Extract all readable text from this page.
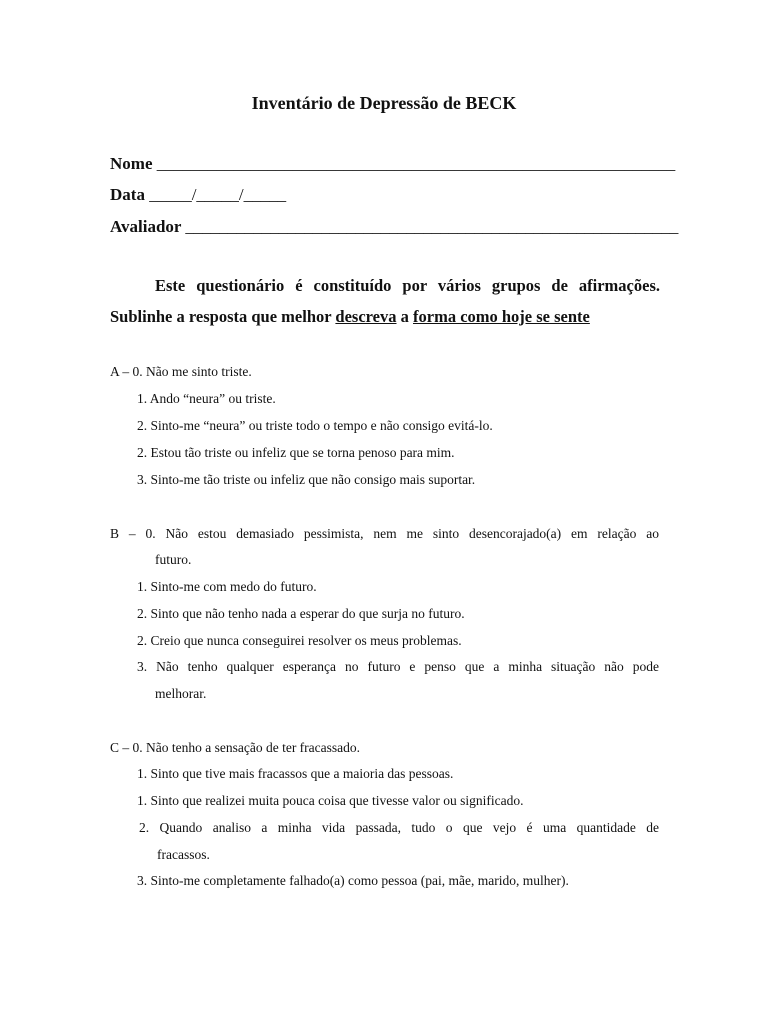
Inventário de Depressão de BECK
Nome _____________________________________________________________
Data _____/_____/_____
Avaliador __________________________________________________________
Este questionário é constituído por vários grupos de afirmações.
Sublinhe a resposta que melhor descreva a forma como hoje se sente
A – 0. Não me sinto triste.
1. Ando “neura” ou triste.
2. Sinto-me “neura” ou triste todo o tempo e não consigo evitá-lo.
2. Estou tão triste ou infeliz que se torna penoso para mim.
3. Sinto-me tão triste ou infeliz que não consigo mais suportar.
B – 0. Não estou demasiado pessimista, nem me sinto desencorajado(a) em relação ao
futuro.
1. Sinto-me com medo do futuro.
2. Sinto que não tenho nada a esperar do que surja no futuro.
2. Creio que nunca conseguirei resolver os meus problemas.
3. Não tenho qualquer esperança no futuro e penso que a minha situação não pode
melhorar.
C – 0. Não tenho a sensação de ter fracassado.
1. Sinto que tive mais fracassos que a maioria das pessoas.
1. Sinto que realizei muita pouca coisa que tivesse valor ou significado.
2. Quando analiso a minha vida passada, tudo o que vejo é uma quantidade de
fracassos.
3. Sinto-me completamente falhado(a) como pessoa (pai, mãe, marido, mulher).
